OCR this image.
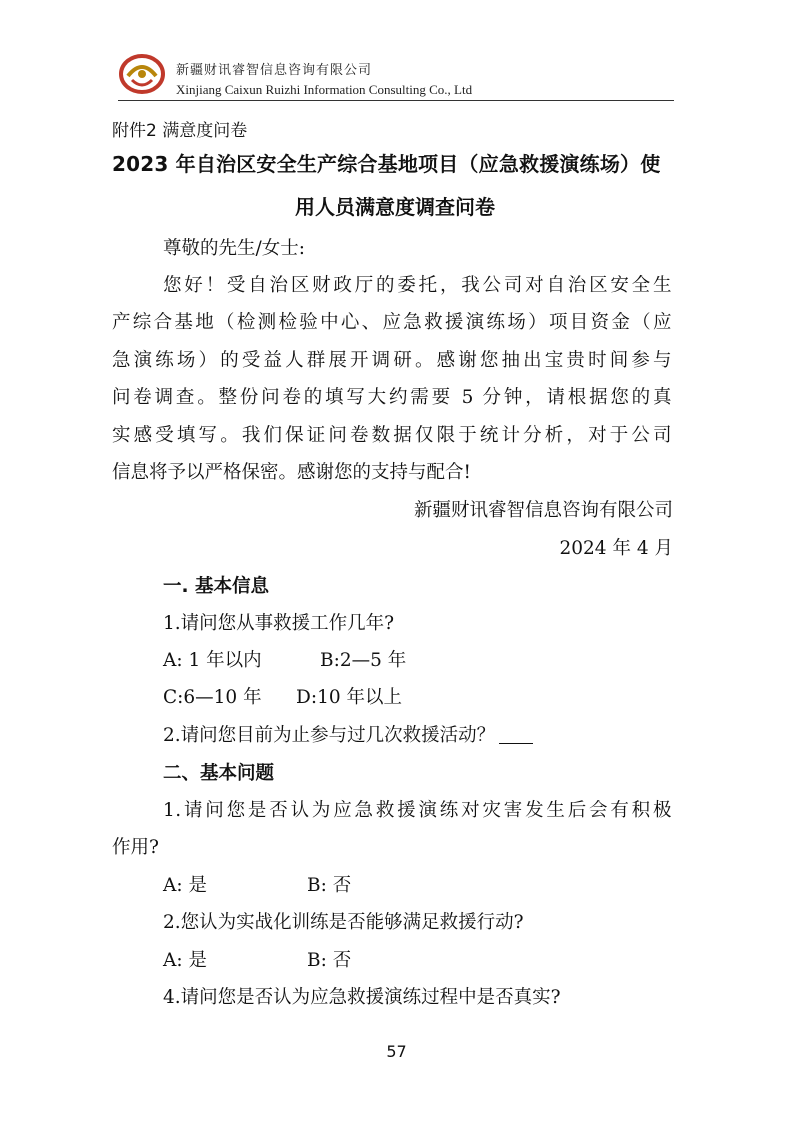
新疆财讯睿智信息咨询有限公司
Xinjiang Caixun Ruizhi Information Consulting Co., Ltd
附件2 满意度问卷
2023 年自治区安全生产综合基地项目（应急救援演练场）使
用人员满意度调查问卷
尊敬的先生/女士:
您好！受自治区财政厅的委托，我公司对自治区安全生
产综合基地（检测检验中心、应急救援演练场）项目资金（应
急演练场）的受益人群展开调研。感谢您抽出宝贵时间参与
问卷调查。整份问卷的填写大约需要 5 分钟，请根据您的真
实感受填写。我们保证问卷数据仅限于统计分析，对于公司
信息将予以严格保密。感谢您的支持与配合!
新疆财讯睿智信息咨询有限公司
2024 年 4 月
一. 基本信息
1.请问您从事救援工作几年?
A: 1 年以内	B:2—5 年
C:6—10 年 D:10 年以上
2.请问您目前为止参与过几次救援活动？
二、基本问题
1.请问您是否认为应急救援演练对灾害发生后会有积极
作用?
A: 是	B: 否
2.您认为实战化训练是否能够满足救援行动?
A: 是	B: 否
4.请问您是否认为应急救援演练过程中是否真实?
57
